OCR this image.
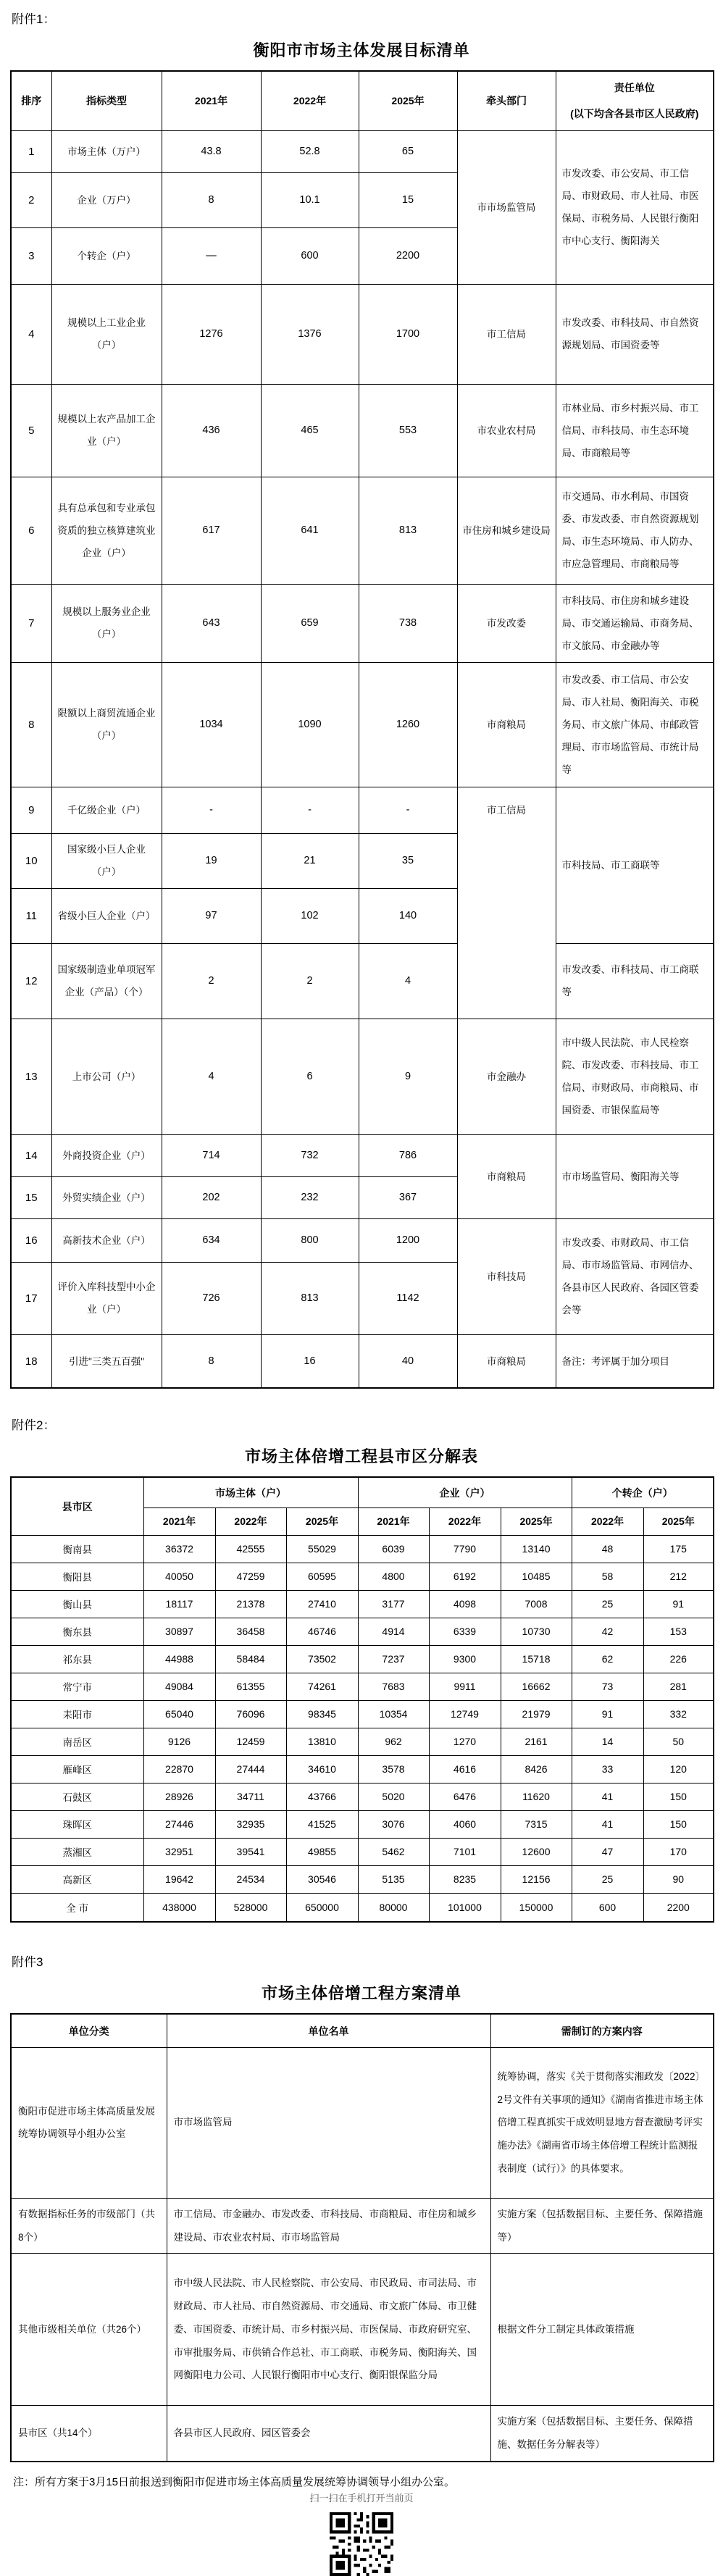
附件1：
衡阳市市场主体发展目标清单
排序	指标类型	2021年	2022年	2025年	牵头部门	责任单位
(以下均含各县市区人民政府)

1	市场主体（万户）	43.8	52.8	65	市市场监管局	市发改委、市公安局、市工信局、市财政局、市人社局、市医保局、市税务局、人民银行衡阳市中心支行、衡阳海关
2	企业（万户）	8	10.1	15		
3	个转企（户）	—	600	2200		
4	规模以上工业企业（户）	1276	1376	1700	市工信局	市发改委、市科技局、市自然资源规划局、市国资委等
5	规模以上农产品加工企业（户）	436	465	553	市农业农村局	市林业局、市乡村振兴局、市工信局、市科技局、市生态环境局、市商粮局等
6	具有总承包和专业承包资质的独立核算建筑业企业（户）	617	641	813	市住房和城乡建设局	市交通局、市水利局、市国资委、市发改委、市自然资源规划局、市生态环境局、市人防办、市应急管理局、市商粮局等
7	规模以上服务业企业（户）	643	659	738	市发改委	市科技局、市住房和城乡建设局、市交通运输局、市商务局、市文旅局、市金融办等
8	限额以上商贸流通企业（户）	1034	1090	1260	市商粮局	市发改委、市工信局、市公安局、市人社局、衡阳海关、市税务局、市文旅广体局、市邮政管理局、市市场监管局、市统计局等
9	千亿级企业（户）	-	-	-	市工信局	市科技局、市工商联等
10	国家级小巨人企业（户）	19	21	35		
11	省级小巨人企业（户）	97	102	140		
12	国家级制造业单项冠军企业（产品）（个）	2	2	4		市发改委、市科技局、市工商联等
13	上市公司（户）	4	6	9	市金融办	市中级人民法院、市人民检察院、市发改委、市科技局、市工信局、市财政局、市商粮局、市国资委、市银保监局等
14	外商投资企业（户）	714	732	786	市商粮局	市市场监管局、衡阳海关等
15	外贸实绩企业（户）	202	232	367		
16	高新技术企业（户）	634	800	1200	市科技局	市发改委、市财政局、市工信局、市市场监管局、市网信办、各县市区人民政府、各园区管委会等
17	评价入库科技型中小企业（户）	726	813	1142		
18	引进"三类五百强"	8	16	40	市商粮局	备注：考评属于加分项目
附件2：
市场主体倍增工程县市区分解表
县市区	市场主体（户）			企业（户）			个转企（户）	
	2021年	2022年	2025年	2021年	2022年	2025年	2022年	2025年
衡南县	36372	42555	55029	6039	7790	13140	48	175
衡阳县	40050	47259	60595	4800	6192	10485	58	212
衡山县	18117	21378	27410	3177	4098	7008	25	91
衡东县	30897	36458	46746	4914	6339	10730	42	153
祁东县	44988	58484	73502	7237	9300	15718	62	226
常宁市	49084	61355	74261	7683	9911	16662	73	281
耒阳市	65040	76096	98345	10354	12749	21979	91	332
南岳区	9126	12459	13810	962	1270	2161	14	50
雁峰区	22870	27444	34610	3578	4616	8426	33	120
石鼓区	28926	34711	43766	5020	6476	11620	41	150
珠晖区	27446	32935	41525	3076	4060	7315	41	150
蒸湘区	32951	39541	49855	5462	7101	12600	47	170
高新区	19642	24534	30546	5135	8235	12156	25	90
全 市	438000	528000	650000	80000	101000	150000	600	2200
附件3
市场主体倍增工程方案清单
单位分类	单位名单	需制订的方案内容
衡阳市促进市场主体高质量发展统筹协调领导小组办公室	市市场监管局	统筹协调，落实《关于贯彻落实湘政发〔2022〕2号文件有关事项的通知》《湖南省推进市场主体倍增工程真抓实干成效明显地方督查激励考评实施办法》《湖南省市场主体倍增工程统计监测报表制度（试行）》的具体要求。
有数据指标任务的市级部门（共8个）	市工信局、市金融办、市发改委、市科技局、市商粮局、市住房和城乡建设局、市农业农村局、市市场监管局	实施方案（包括数据目标、主要任务、保障措施等）
其他市级相关单位（共26个）	市中级人民法院、市人民检察院、市公安局、市民政局、市司法局、市财政局、市人社局、市自然资源局、市交通局、市文旅广体局、市卫健委、市国资委、市统计局、市乡村振兴局、市医保局、市政府研究室、市审批服务局、市供销合作总社、市工商联、市税务局、衡阳海关、国网衡阳电力公司、人民银行衡阳市中心支行、衡阳银保监分局	根据文件分工制定具体政策措施
县市区（共14个）	各县市区人民政府、园区管委会	实施方案（包括数据目标、主要任务、保障措施、数据任务分解表等）
注：所有方案于3月15日前报送到衡阳市促进市场主体高质量发展统筹协调领导小组办公室。
扫一扫在手机打开当前页
